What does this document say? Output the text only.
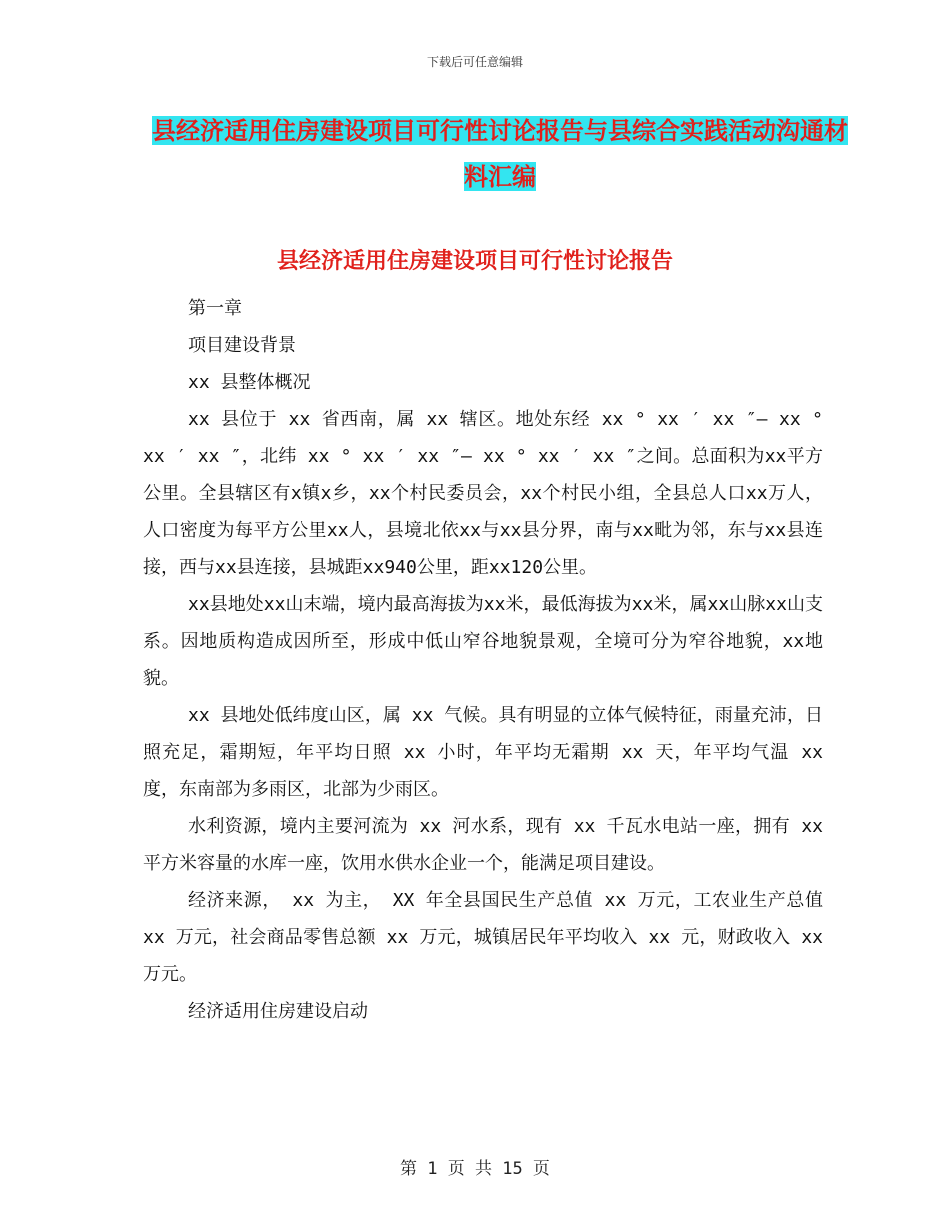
下载后可任意编辑
县经济适用住房建设项目可行性讨论报告与县综合实践活动沟通材料汇编
县经济适用住房建设项目可行性讨论报告

第一章

项目建设背景

xx 县整体概况

xx 县位于 xx 省西南，属 xx 辖区。地处东经 xx ° xx ′ xx ″— xx ° xx ′ xx ″，北纬 xx ° xx ′ xx ″— xx ° xx ′ xx ″之间。总面积为xx平方公里。全县辖区有x镇x乡，xx个村民委员会，xx个村民小组，全县总人口xx万人，人口密度为每平方公里xx人，县境北依xx与xx县分界，南与xx毗为邻，东与xx县连接，西与xx县连接，县城距xx940公里，距xx120公里。

xx县地处xx山末端，境内最高海拔为xx米，最低海拔为xx米，属xx山脉xx山支系。因地质构造成因所至，形成中低山窄谷地貌景观，全境可分为窄谷地貌，xx地貌。

xx 县地处低纬度山区，属 xx 气候。具有明显的立体气候特征，雨量充沛，日照充足，霜期短，年平均日照 xx 小时，年平均无霜期 xx 天，年平均气温 xx 度，东南部为多雨区，北部为少雨区。

水利资源，境内主要河流为 xx 河水系，现有 xx 千瓦水电站一座，拥有 xx 平方米容量的水库一座，饮用水供水企业一个，能满足项目建设。

经济来源， xx 为主， XX 年全县国民生产总值 xx 万元，工农业生产总值 xx 万元，社会商品零售总额 xx 万元，城镇居民年平均收入 xx 元，财政收入 xx 万元。

经济适用住房建设启动

第 1 页 共 15 页
